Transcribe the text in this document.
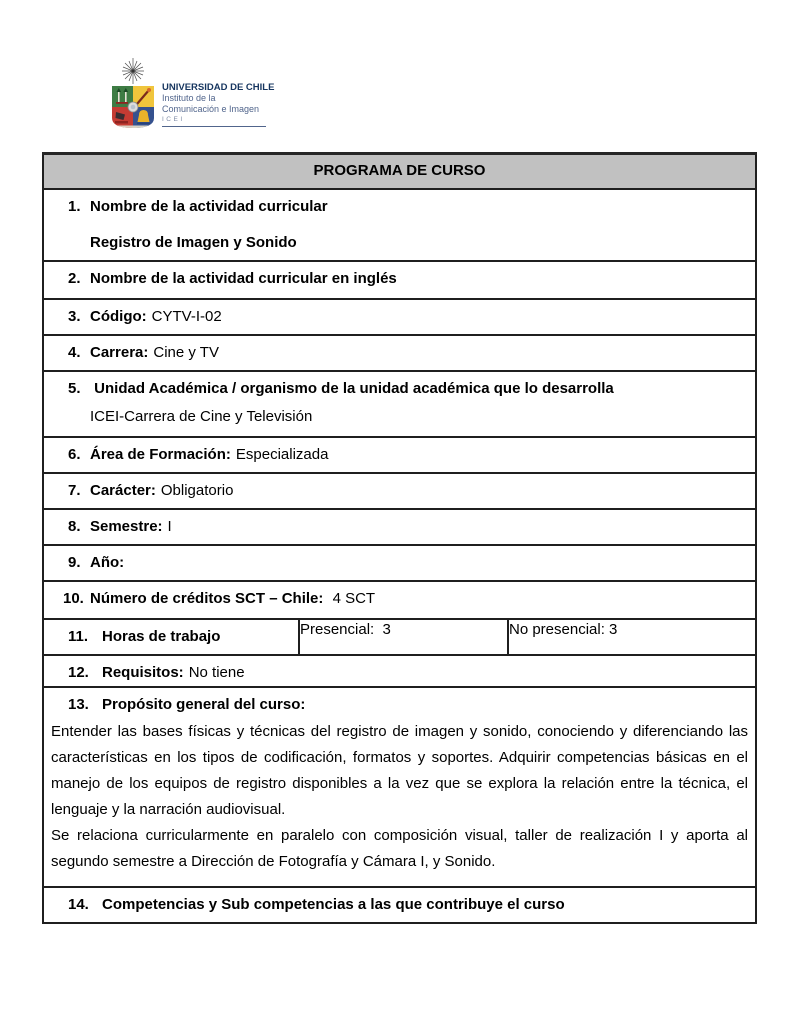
UNIVERSIDAD DE CHILE
Instituto de la
Comunicación e Imagen
ICEI
PROGRAMA DE CURSO

1. Nombre de la actividad curricular
Registro de Imagen y Sonido

2. Nombre de la actividad curricular en inglés

3. Código: CYTV-I-02

4. Carrera: Cine y TV

5. Unidad Académica / organismo de la unidad académica que lo desarrolla
ICEI-Carrera de Cine y Televisión

6. Área de Formación: Especializada

7. Carácter: Obligatorio

8. Semestre: I

9. Año:

10. Número de créditos SCT – Chile: 4 SCT

11. Horas de trabajo	Presencial:  3	No presencial: 3

12. Requisitos: No tiene

13. Propósito general del curso:

Entender las bases físicas y técnicas del registro de imagen y sonido, conociendo y diferenciando las características en los tipos de codificación, formatos y soportes. Adquirir competencias básicas en el manejo de los equipos de registro disponibles a la vez que se explora la relación entre la técnica, el lenguaje y la narración audiovisual.

Se relaciona curricularmente en paralelo con composición visual, taller de realización I y aporta al segundo semestre a Dirección de Fotografía y Cámara I, y Sonido.

14. Competencias y Sub competencias a las que contribuye el curso
